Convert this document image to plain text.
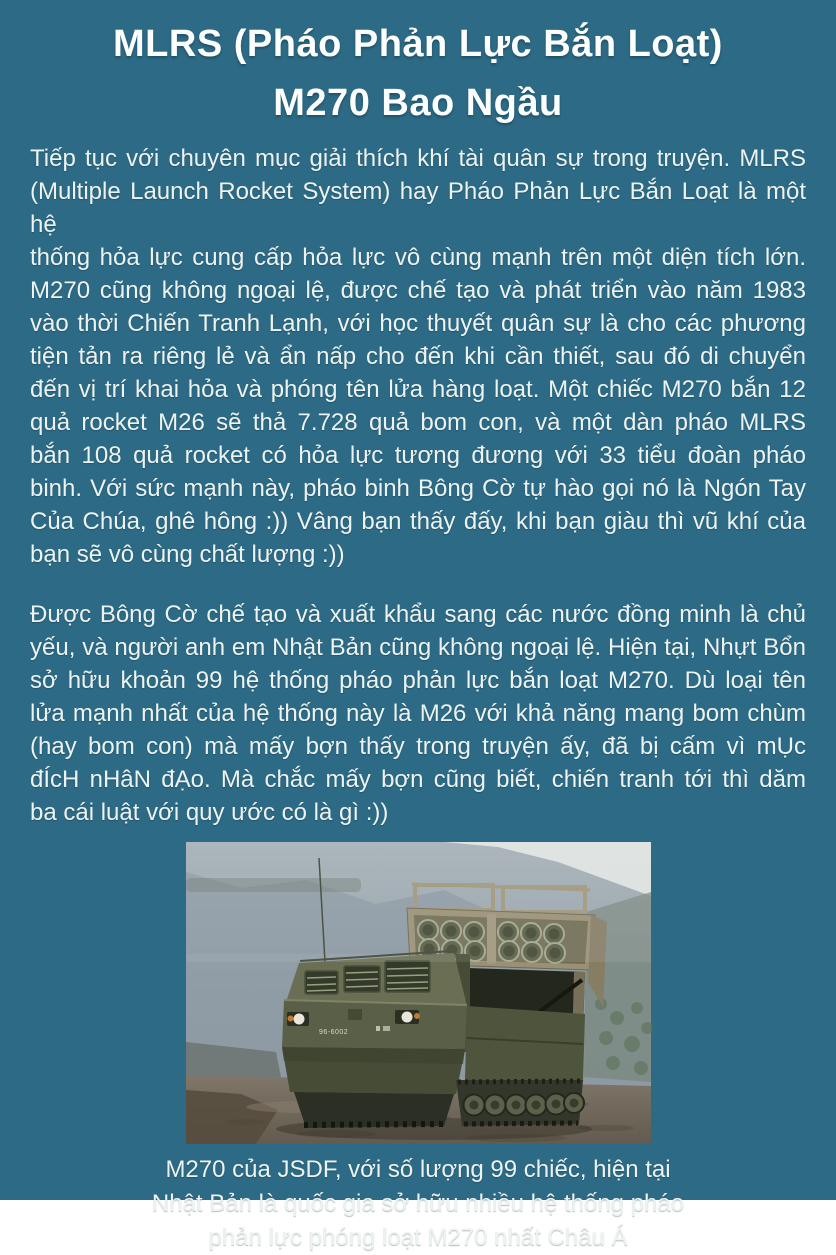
MLRS (Pháo Phản Lực Bắn Loạt)
M270 Bao Ngầu
Tiếp tục với chuyên mục giải thích khí tài quân sự trong truyện. MLRS
(Multiple Launch Rocket System) hay Pháo Phản Lực Bắn Loạt là một hệ
thống hỏa lực cung cấp hỏa lực vô cùng mạnh trên một diện tích lớn.
M270 cũng không ngoại lệ, được chế tạo và phát triển vào năm 1983
vào thời Chiến Tranh Lạnh, với học thuyết quân sự là cho các phương
tiện tản ra riêng lẻ và ẩn nấp cho đến khi cần thiết, sau đó di chuyển
đến vị trí khai hỏa và phóng tên lửa hàng loạt. Một chiếc M270 bắn 12
quả rocket M26 sẽ thả 7.728 quả bom con, và một dàn pháo MLRS
bắn 108 quả rocket có hỏa lực tương đương với 33 tiểu đoàn pháo
binh. Với sức mạnh này, pháo binh Bông Cờ tự hào gọi nó là Ngón Tay
Của Chúa, ghê hông :)) Vâng bạn thấy đấy, khi bạn giàu thì vũ khí của
bạn sẽ vô cùng chất lượng :))
Được Bông Cờ chế tạo và xuất khẩu sang các nước đồng minh là chủ
yếu, và người anh em Nhật Bản cũng không ngoại lệ. Hiện tại, Nhựt Bổn
sở hữu khoản 99 hệ thống pháo phản lực bắn loạt M270. Dù loại tên
lửa mạnh nhất của hệ thống này là M26 với khả năng mang bom chùm
(hay bom con) mà mấy bợn thấy trong truyện ấy, đã bị cấm vì mỤc
đÍcH nHâN đẠo. Mà chắc mấy bợn cũng biết, chiến tranh tới thì dăm
ba cái luật với quy ước có là gì :))
96-6002
M270 của JSDF, với số lượng 99 chiếc, hiện tại
Nhật Bản là quốc gia sở hữu nhiều hệ thống pháo
phản lực phóng loạt M270 nhất Châu Á
